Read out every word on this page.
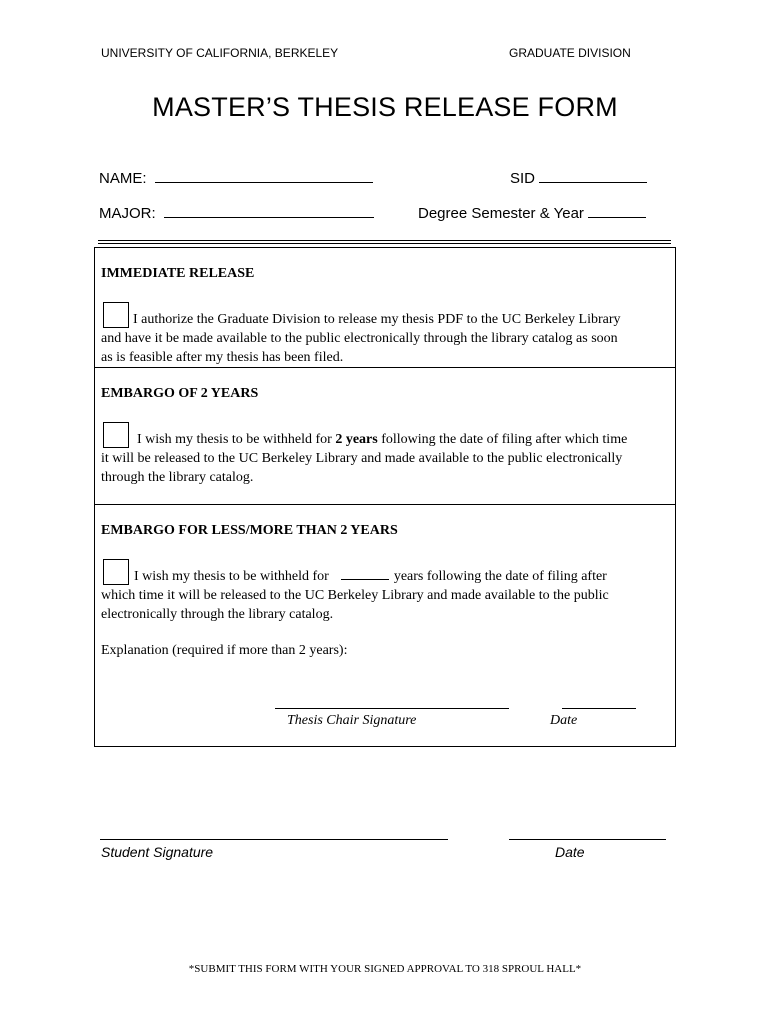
UNIVERSITY OF CALIFORNIA, BERKELEY	GRADUATE DIVISION
MASTER’S THESIS RELEASE FORM
NAME:	SID
MAJOR:	Degree Semester & Year
IMMEDIATE RELEASE
I authorize the Graduate Division to release my thesis PDF to the UC Berkeley Library
and have it be made available to the public electronically through the library catalog as soon
as is feasible after my thesis has been filed.
EMBARGO OF 2 YEARS
I wish my thesis to be withheld for 2 years following the date of filing after which time
it will be released to the UC Berkeley Library and made available to the public electronically
through the library catalog.
EMBARGO FOR LESS/MORE THAN 2 YEARS
I wish my thesis to be withheld for	years following the date of filing after
which time it will be released to the UC Berkeley Library and made available to the public
electronically through the library catalog.
Explanation (required if more than 2 years):
Thesis Chair Signature	Date
Student Signature	Date
*SUBMIT THIS FORM WITH YOUR SIGNED APPROVAL TO 318 SPROUL HALL*
